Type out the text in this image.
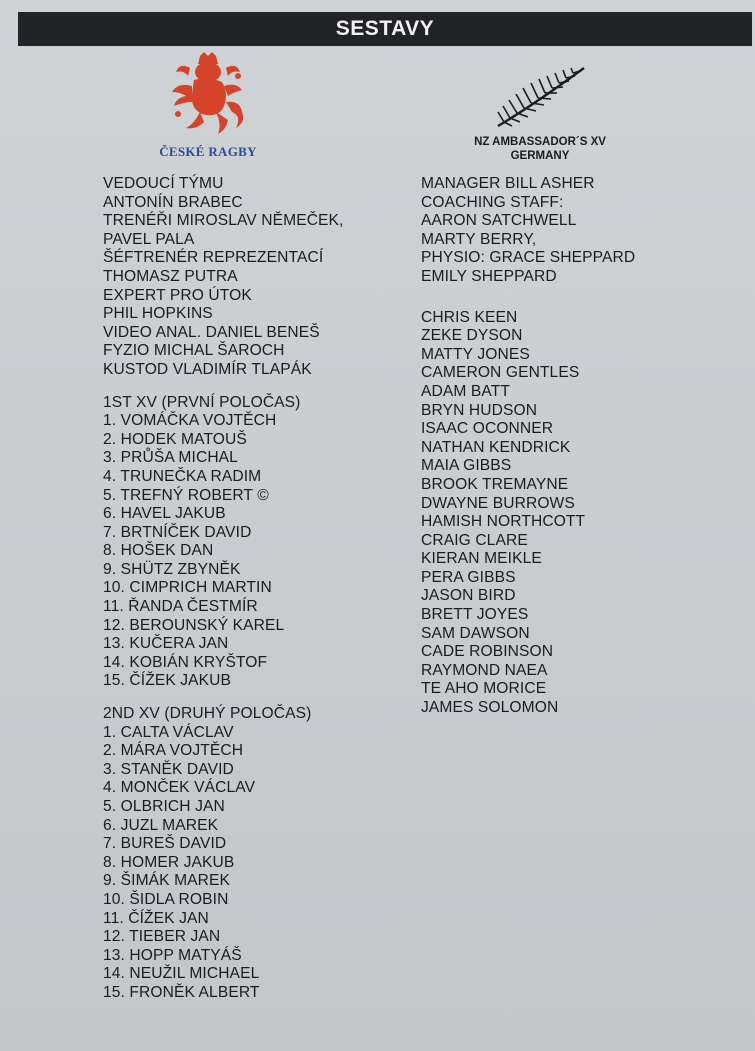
SESTAVY
ČESKÉ RAGBY
NZ AMBASSADOR´S XV
GERMANY
VEDOUCÍ TÝMU
ANTONÍN BRABEC
TRENÉŘI MIROSLAV NĚMEČEK,
PAVEL PALA
ŠÉFTRENÉR REPREZENTACÍ
THOMASZ PUTRA
EXPERT PRO ÚTOK
PHIL HOPKINS
VIDEO ANAL. DANIEL BENEŠ
FYZIO MICHAL ŠAROCH
KUSTOD VLADIMÍR TLAPÁK
1ST XV (PRVNÍ POLOČAS)
1. VOMÁČKA VOJTĚCH
2. HODEK MATOUŠ
3. PRŮŠA MICHAL
4. TRUNEČKA RADIM
5. TREFNÝ ROBERT ©
6. HAVEL JAKUB
7. BRTNÍČEK DAVID
8. HOŠEK DAN
9. SHÜTZ ZBYNĚK
10. CIMPRICH MARTIN
11. ŘANDA ČESTMÍR
12. BEROUNSKÝ KAREL
13. KUČERA JAN
14. KOBIÁN KRYŠTOF
15. ČÍŽEK JAKUB
2ND XV (DRUHÝ POLOČAS)
1. CALTA VÁCLAV
2. MÁRA VOJTĚCH
3. STANĚK DAVID
4. MONČEK VÁCLAV
5. OLBRICH JAN
6. JUZL MAREK
7. BUREŠ DAVID
8. HOMER JAKUB
9. ŠIMÁK MAREK
10. ŠIDLA ROBIN
11. ČÍŽEK JAN
12. TIEBER JAN
13. HOPP MATYÁŠ
14. NEUŽIL MICHAEL
15. FRONĚK ALBERT
MANAGER BILL ASHER
COACHING STAFF:
AARON SATCHWELL
MARTY BERRY,
PHYSIO: GRACE SHEPPARD
EMILY SHEPPARD
CHRIS KEEN
ZEKE DYSON
MATTY JONES
CAMERON GENTLES
ADAM BATT
BRYN HUDSON
ISAAC OCONNER
NATHAN KENDRICK
MAIA GIBBS
BROOK TREMAYNE
DWAYNE BURROWS
HAMISH NORTHCOTT
CRAIG CLARE
KIERAN MEIKLE
PERA GIBBS
JASON BIRD
BRETT JOYES
SAM DAWSON
CADE ROBINSON
RAYMOND NAEA
TE AHO MORICE
JAMES SOLOMON
